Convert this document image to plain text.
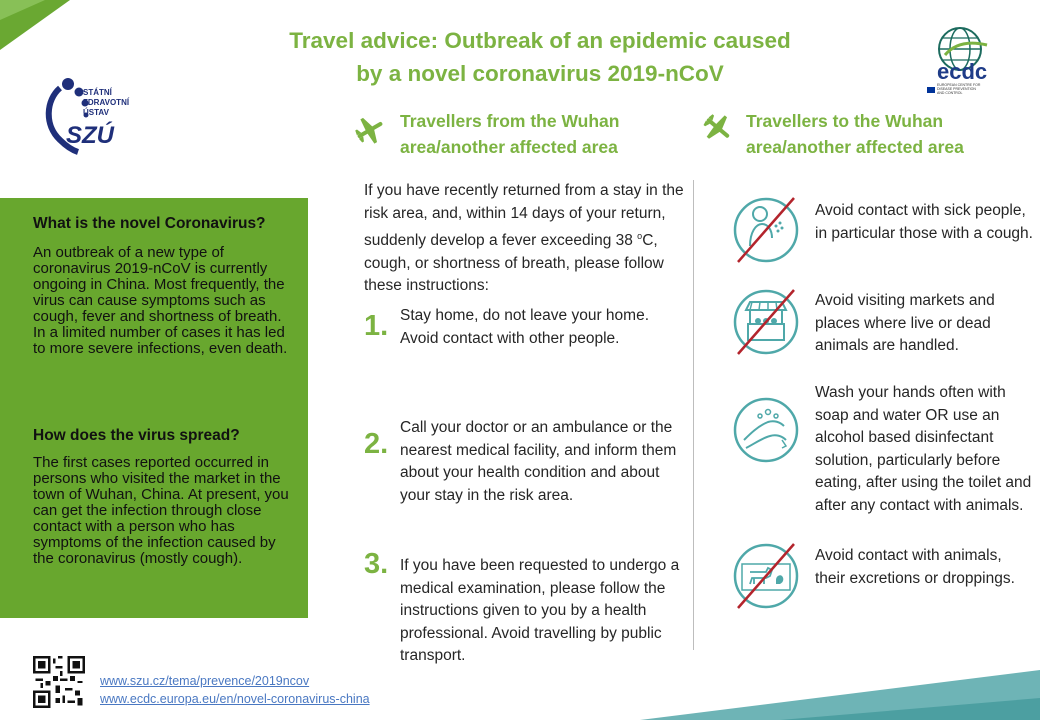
Travel advice: Outbreak of an epidemic caused
by a novel coronavirus 2019-nCoV
STÁTNÍ
ZDRAVOTNÍ
ÚSTAV
SZÚ
ecdc
EUROPEAN CENTRE FOR
DISEASE PREVENTION
AND CONTROL
What is the novel Coronavirus?
An outbreak of a new type of coronavirus 2019-nCoV is currently ongoing in China. Most frequently, the virus can cause symptoms such as cough, fever and shortness of breath. In a limited number of cases it has led to more severe infections, even death.
How does the virus spread?
The first cases reported occurred in persons who visited the market in the town of Wuhan, China. At present, you can get the infection through close contact with a person who has symptoms of the infection caused by the coronavirus (mostly cough).
Travellers from the Wuhan
area/another affected area
Travellers to the Wuhan
area/another affected area
If you have recently returned from a stay in the risk area, and, within 14 days of your return, suddenly develop a fever exceeding 38 $^o$C, cough, or shortness of breath, please follow these instructions:
1. Stay home, do not leave your home. Avoid contact with other people.
2.
Call your doctor or an ambulance or the nearest medical facility, and inform them about your health condition and about your stay in the risk area.
3. If you have been requested to undergo a medical examination, please follow the instructions given to you by a health professional. Avoid travelling by public transport.
Avoid contact with sick people, in particular those with a cough.
Avoid visiting markets and places where live or dead animals are handled.
Wash your hands often with soap and water OR use an alcohol based disinfectant solution, particularly before eating, after using the toilet and after any contact with animals.
Avoid contact with animals, their excretions or droppings.
www.szu.cz/tema/prevence/2019ncov
www.ecdc.europa.eu/en/novel-coronavirus-china
